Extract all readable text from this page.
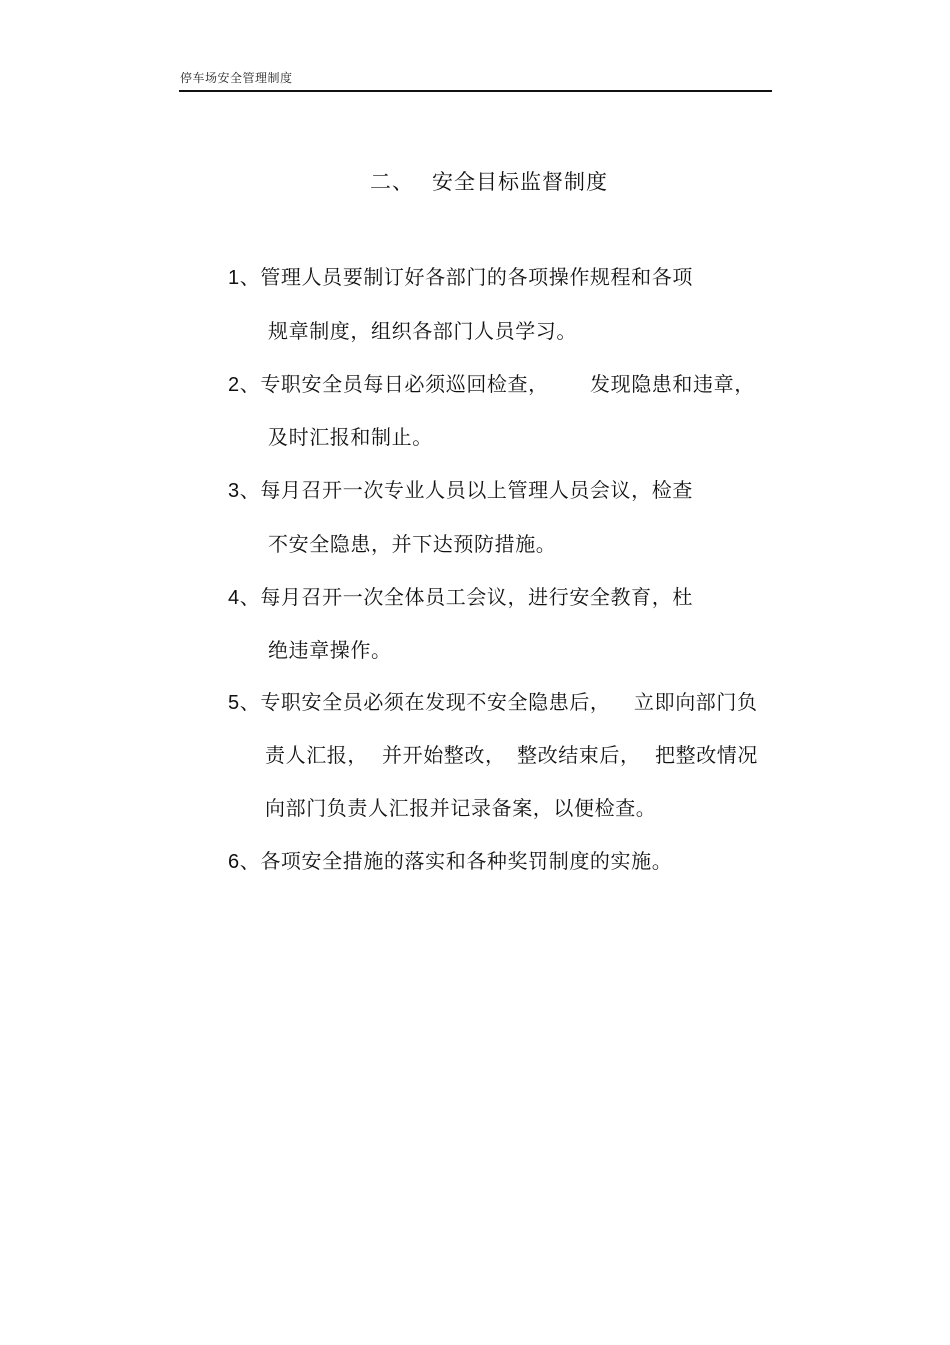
停车场安全管理制度
二、 安全目标监督制度
1、管理人员要制订好各部门的各项操作规程和各项
规章制度，组织各部门人员学习。
2、专职安全员每日必须巡回检查， 发现隐患和违章，
及时汇报和制止。
3、每月召开一次专业人员以上管理人员会议，检查
不安全隐患，并下达预防措施。
4、每月召开一次全体员工会议，进行安全教育，杜
绝违章操作。
5、专职安全员必须在发现不安全隐患后， 立即向部门负
责人汇报， 并开始整改， 整改结束后， 把整改情况
向部门负责人汇报并记录备案，以便检查。
6、各项安全措施的落实和各种奖罚制度的实施。
